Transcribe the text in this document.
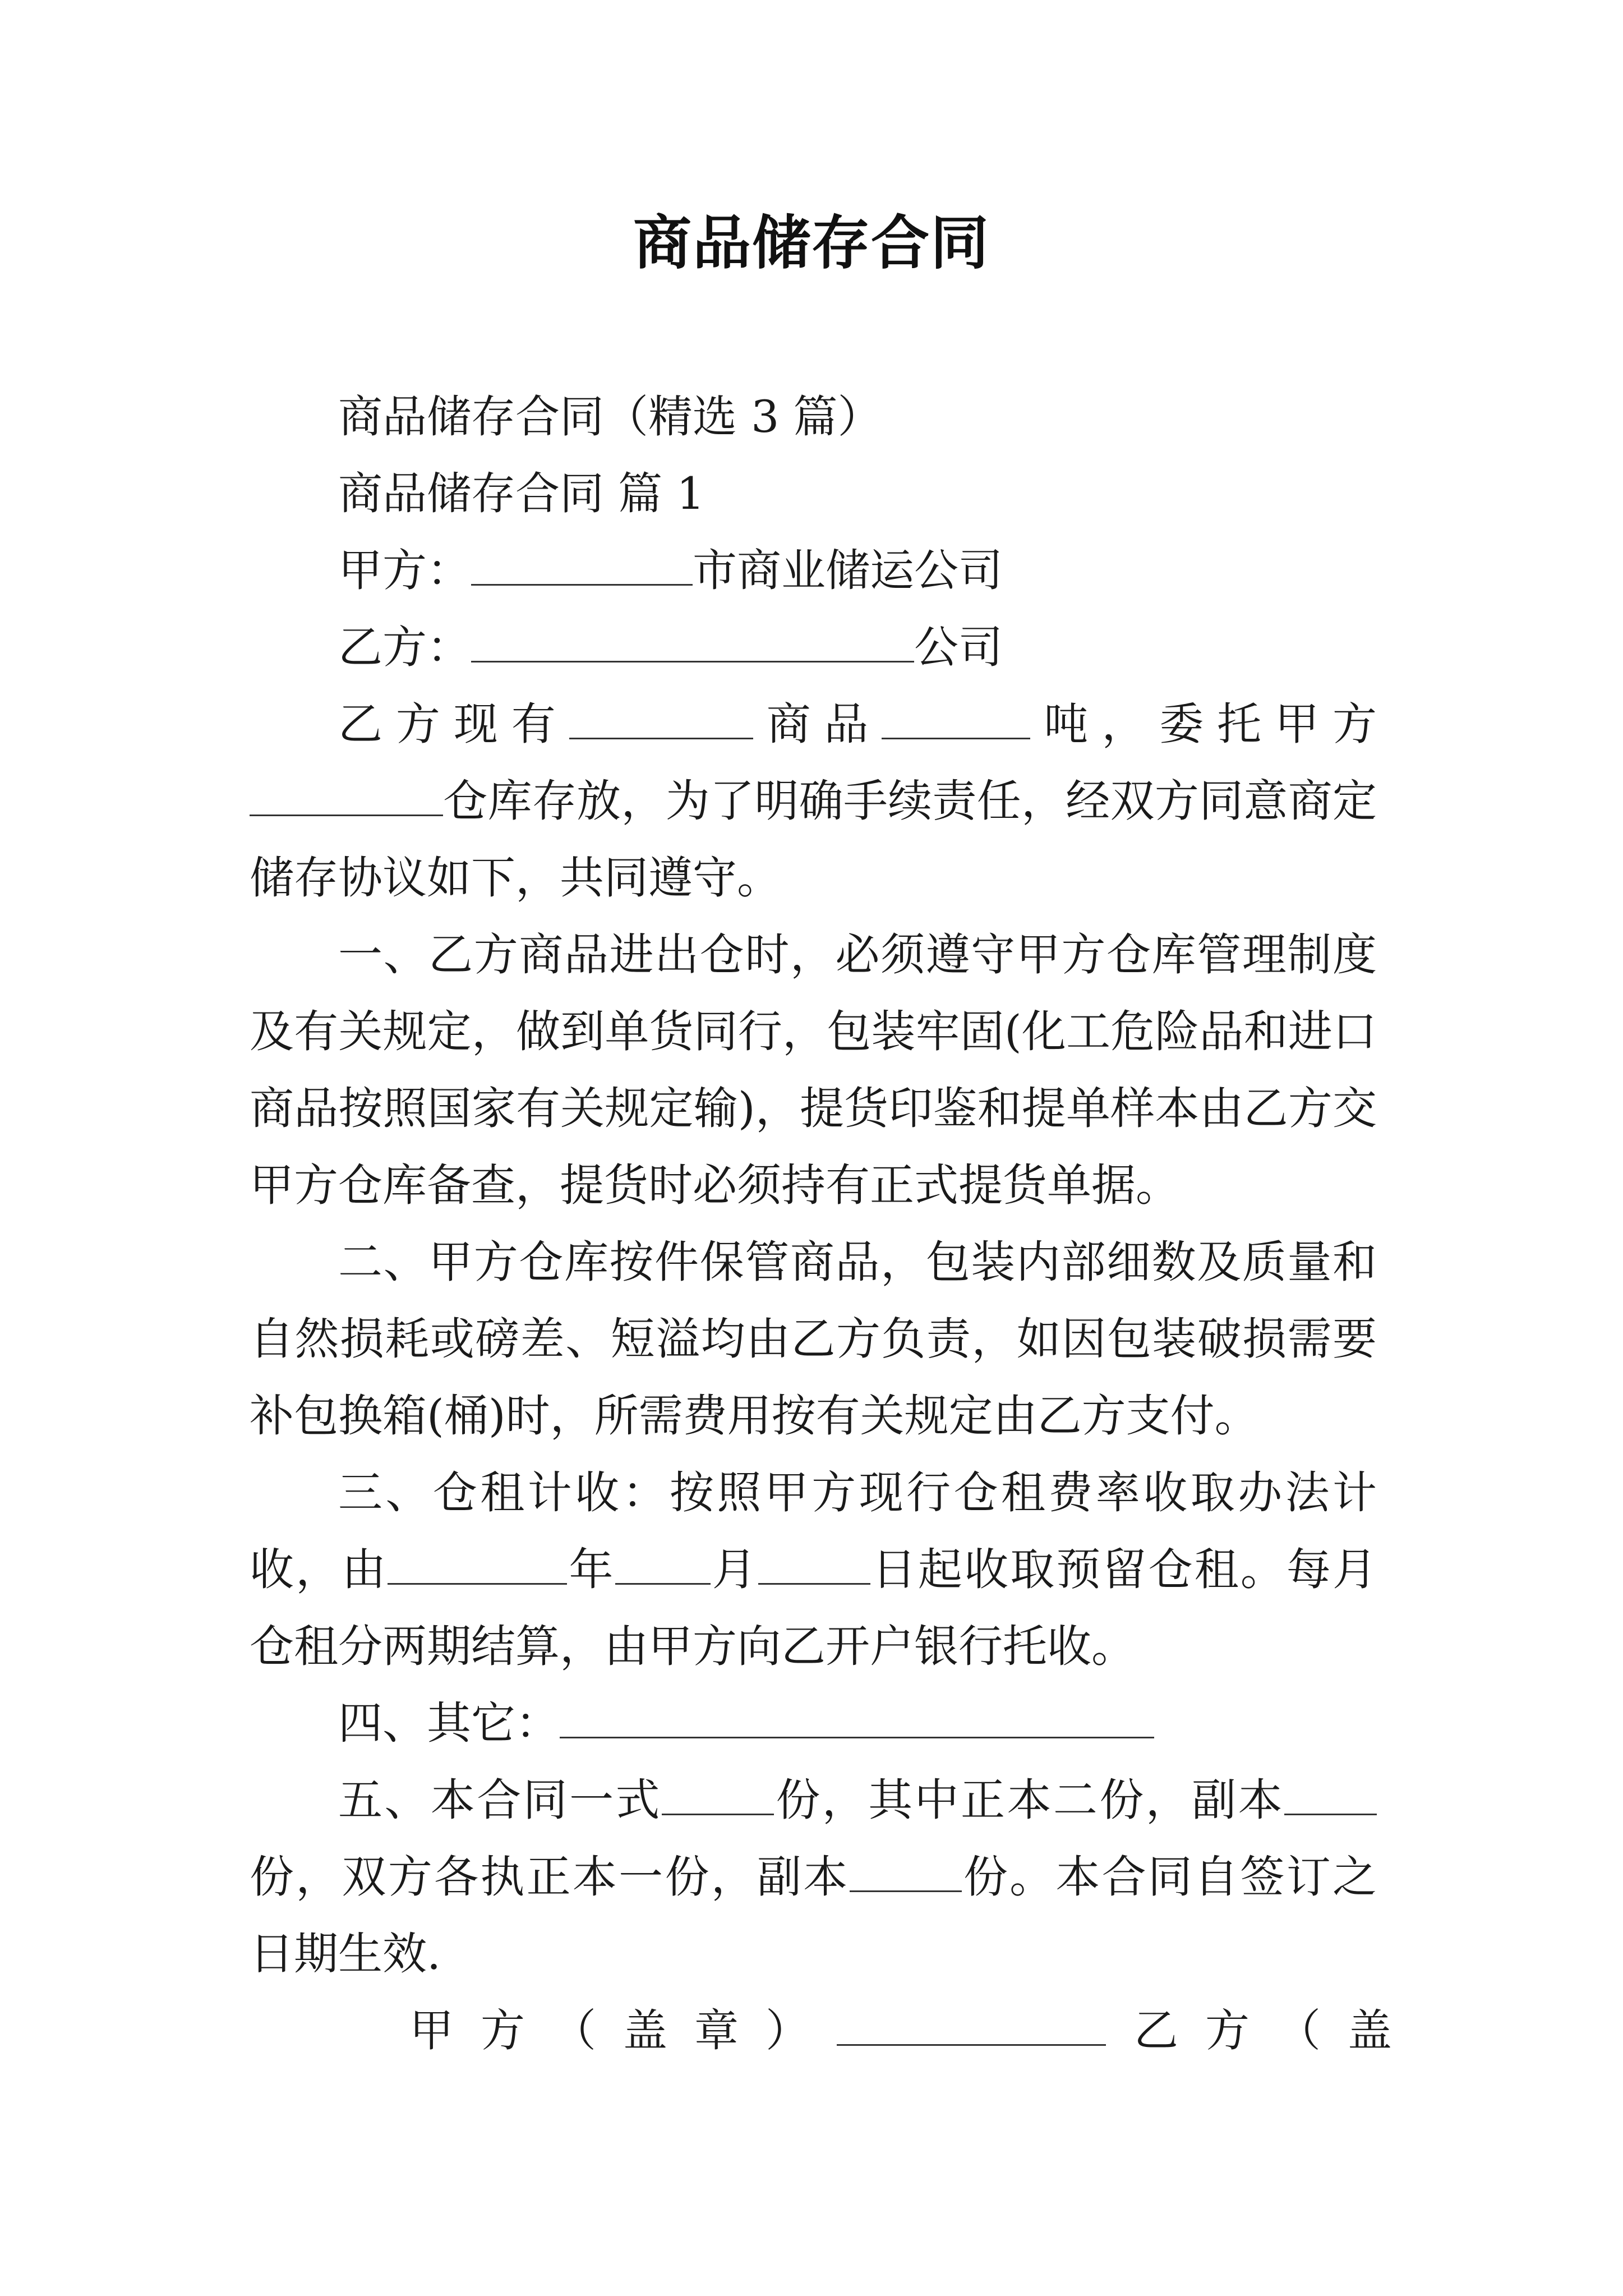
商品储存合同

商品储存合同（精选 3 篇）

商品储存合同 篇 1

甲方：	市商业储运公司

乙方：	公司

乙方现有	商品	吨，委托甲方仓库存放，为了明确手续责任，经双方同意商定储存协议如下，共同遵守。

一、乙方商品进出仓时，必须遵守甲方仓库管理制度及有关规定，做到单货同行，包装牢固(化工危险品和进口商品按照国家有关规定输)，提货印鉴和提单样本由乙方交甲方仓库备查，提货时必须持有正式提货单据。

二、甲方仓库按件保管商品，包装内部细数及质量和自然损耗或磅差、短溢均由乙方负责，如因包装破损需要补包换箱(桶)时，所需费用按有关规定由乙方支付。

三、仓租计收：按照甲方现行仓租费率收取办法计收，由	年 月	日起收取预留仓租。每月仓租分两期结算，由甲方向乙开户银行托收。

四、其它：

五、本合同一式	份，其中正本二份，副本份，双方各执正本一份，副本	份。本合同自签订之日期生效.

甲方（盖章）	乙方（盖
